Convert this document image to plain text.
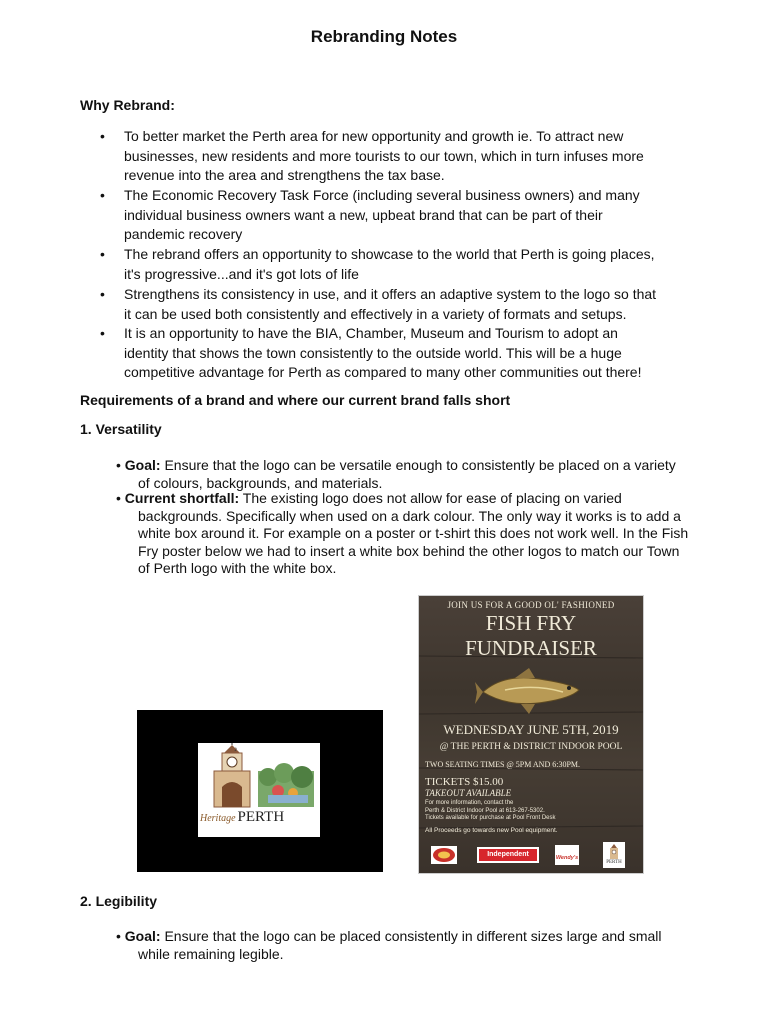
Rebranding Notes
Why Rebrand:
• To better market the Perth area for new opportunity and growth ie. To attract new
businesses, new residents and more tourists to our town, which in turn infuses more
revenue into the area and strengthens the tax base.
• The Economic Recovery Task Force (including several business owners) and many
individual business owners want a new, upbeat brand that can be part of their
pandemic recovery
• The rebrand offers an opportunity to showcase to the world that Perth is going places,
it's progressive...and it's got lots of life
• Strengthens its consistency in use, and it offers an adaptive system to the logo so that
it can be used both consistently and effectively in a variety of formats and setups.
• It is an opportunity to have the BIA, Chamber, Museum and Tourism to adopt an
identity that shows the town consistently to the outside world. This will be a huge
competitive advantage for Perth as compared to many other communities out there!
Requirements of a brand and where our current brand falls short
1. Versatility
• Goal: Ensure that the logo can be versatile enough to consistently be placed on a variety
of colours, backgrounds, and materials.
• Current shortfall: The existing logo does not allow for ease of placing on varied
backgrounds. Specifically when used on a dark colour. The only way it works is to add a
white box around it. For example on a poster or t-shirt this does not work well. In the Fish
Fry poster below we had to insert a white box behind the other logos to match our Town
of Perth logo with the white box.
♪
Heritage PERTH
JOIN US FOR A GOOD OL' FASHIONED
FISH FRY
FUNDRAISER
WEDNESDAY JUNE 5TH, 2019
@ THE PERTH & DISTRICT INDOOR POOL
TWO SEATING TIMES @ 5PM AND 6:30PM.
TICKETS $15.00
TAKEOUT AVAILABLE
For more information, contact the
Perth & District Indoor Pool at 613-267-5302.
Tickets available for purchase at Pool Front Desk
All Proceeds go towards new Pool equipment.
Independent	Wendy's
PERTH
2. Legibility
• Goal: Ensure that the logo can be placed consistently in different sizes large and small
while remaining legible.
